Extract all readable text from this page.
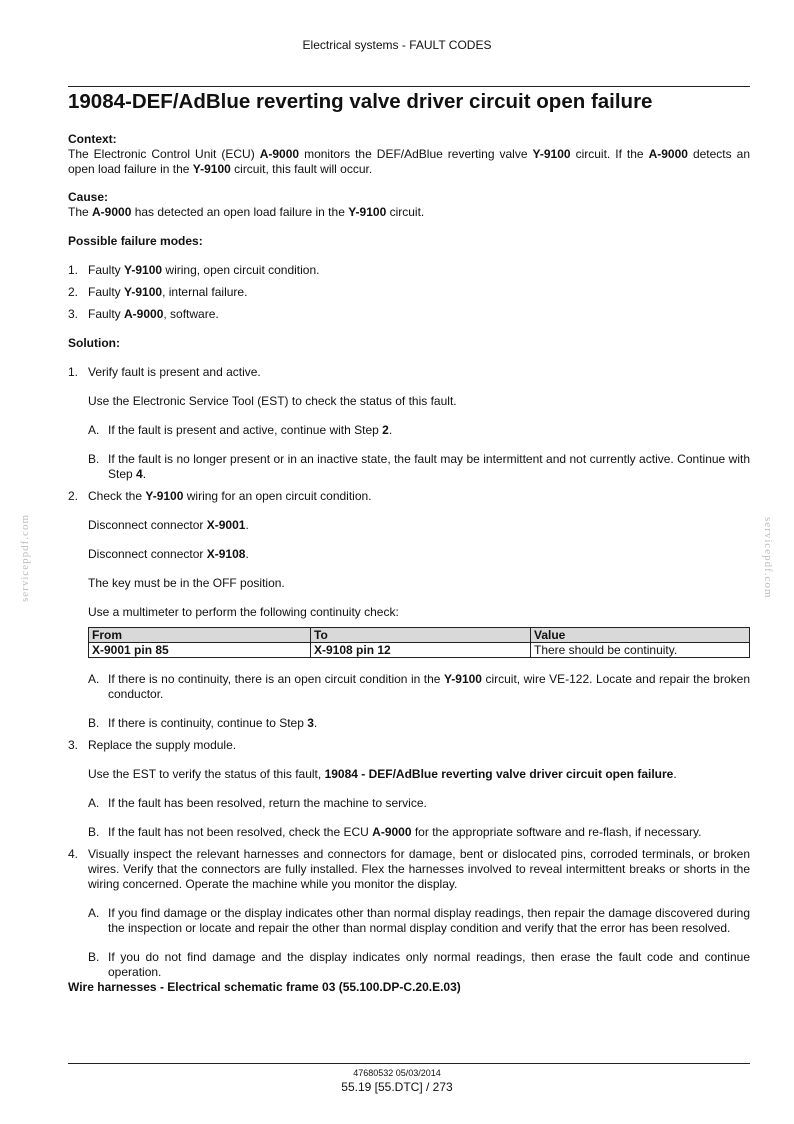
Electrical systems - FAULT CODES
19084-DEF/AdBlue reverting valve driver circuit open failure
Context:
The Electronic Control Unit (ECU) A-9000 monitors the DEF/AdBlue reverting valve Y-9100 circuit. If the A-9000 detects an open load failure in the Y-9100 circuit, this fault will occur.
Cause:
The A-9000 has detected an open load failure in the Y-9100 circuit.
Possible failure modes:
1. Faulty Y-9100 wiring, open circuit condition.
2. Faulty Y-9100, internal failure.
3. Faulty A-9000, software.
Solution:
1. Verify fault is present and active.
Use the Electronic Service Tool (EST) to check the status of this fault.
A. If the fault is present and active, continue with Step 2.
B. If the fault is no longer present or in an inactive state, the fault may be intermittent and not currently active. Continue with Step 4.
2. Check the Y-9100 wiring for an open circuit condition.
Disconnect connector X-9001.
Disconnect connector X-9108.
The key must be in the OFF position.
Use a multimeter to perform the following continuity check:
From	To	Value
X-9001 pin 85	X-9108 pin 12	There should be continuity.
A. If there is no continuity, there is an open circuit condition in the Y-9100 circuit, wire VE-122. Locate and repair the broken conductor.
B. If there is continuity, continue to Step 3.
3. Replace the supply module.
Use the EST to verify the status of this fault, 19084 - DEF/AdBlue reverting valve driver circuit open failure.
A. If the fault has been resolved, return the machine to service.
B. If the fault has not been resolved, check the ECU A-9000 for the appropriate software and re-flash, if necessary.
4. Visually inspect the relevant harnesses and connectors for damage, bent or dislocated pins, corroded terminals, or broken wires. Verify that the connectors are fully installed. Flex the harnesses involved to reveal intermittent breaks or shorts in the wiring concerned. Operate the machine while you monitor the display.
A. If you find damage or the display indicates other than normal display readings, then repair the damage discovered during the inspection or locate and repair the other than normal display condition and verify that the error has been resolved.
B. If you do not find damage and the display indicates only normal readings, then erase the fault code and continue operation.
Wire harnesses - Electrical schematic frame 03 (55.100.DP-C.20.E.03)
47680532 05/03/2014
55.19 [55.DTC] / 273
serviceppdf.com	servicepdf.com
